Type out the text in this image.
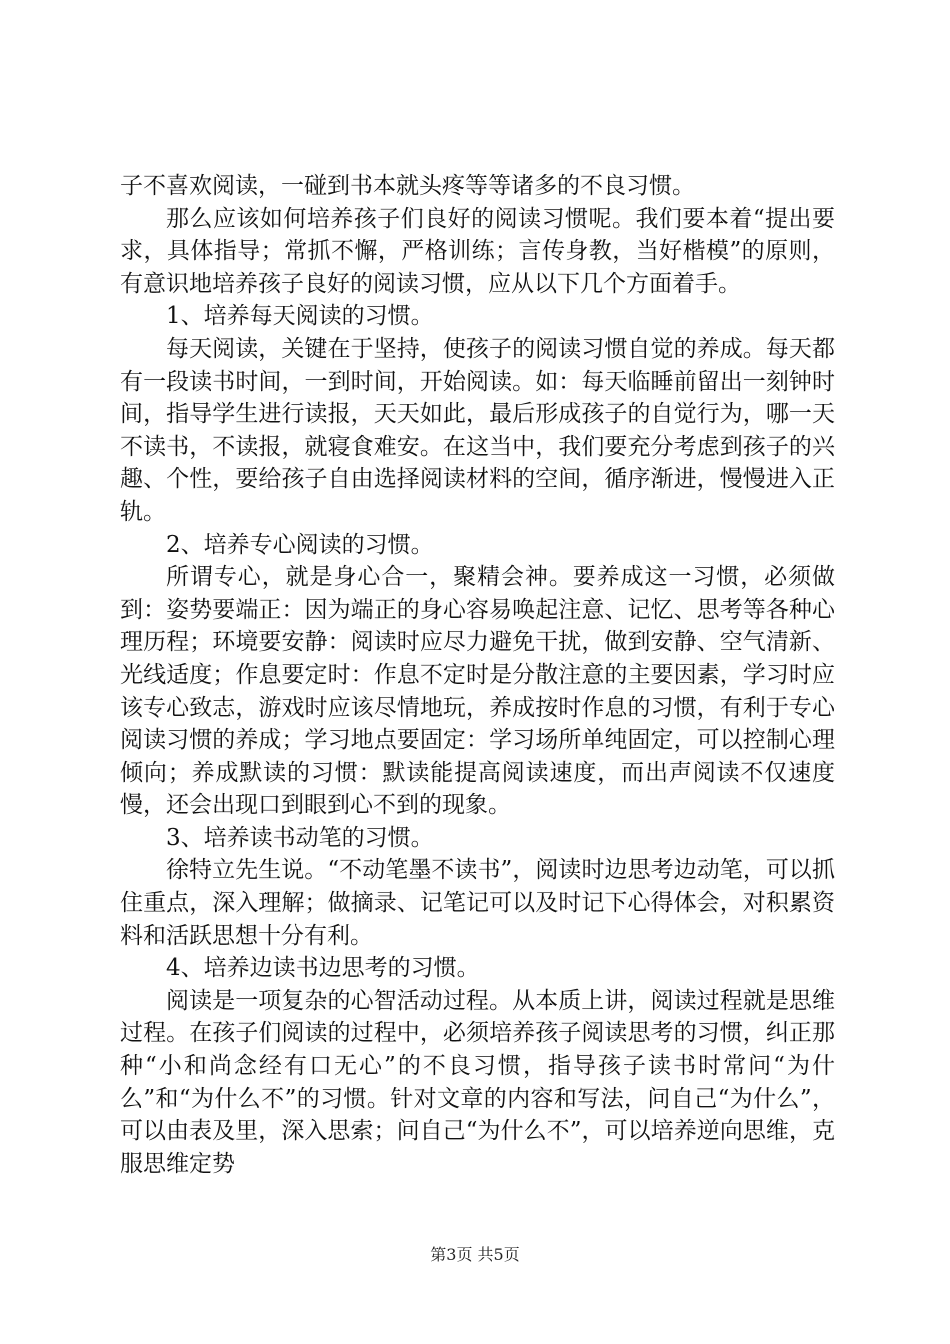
子不喜欢阅读，一碰到书本就头疼等等诸多的不良习惯。

那么应该如何培养孩子们良好的阅读习惯呢。我们要本着“提出要求，具体指导；常抓不懈，严格训练；言传身教，当好楷模”的原则，有意识地培养孩子良好的阅读习惯，应从以下几个方面着手。

1、培养每天阅读的习惯。

每天阅读，关键在于坚持，使孩子的阅读习惯自觉的养成。每天都有一段读书时间，一到时间，开始阅读。如：每天临睡前留出一刻钟时间，指导学生进行读报，天天如此，最后形成孩子的自觉行为，哪一天不读书，不读报，就寝食难安。在这当中，我们要充分考虑到孩子的兴趣、个性，要给孩子自由选择阅读材料的空间，循序渐进，慢慢进入正轨。

2、培养专心阅读的习惯。

所谓专心，就是身心合一，聚精会神。要养成这一习惯，必须做到：姿势要端正：因为端正的身心容易唤起注意、记忆、思考等各种心理历程；环境要安静：阅读时应尽力避免干扰，做到安静、空气清新、光线适度；作息要定时：作息不定时是分散注意的主要因素，学习时应该专心致志，游戏时应该尽情地玩，养成按时作息的习惯，有利于专心阅读习惯的养成；学习地点要固定：学习场所单纯固定，可以控制心理倾向；养成默读的习惯：默读能提高阅读速度，而出声阅读不仅速度慢，还会出现口到眼到心不到的现象。

3、培养读书动笔的习惯。

徐特立先生说。“不动笔墨不读书”，阅读时边思考边动笔，可以抓住重点，深入理解；做摘录、记笔记可以及时记下心得体会，对积累资料和活跃思想十分有利。

4、培养边读书边思考的习惯。

阅读是一项复杂的心智活动过程。从本质上讲，阅读过程就是思维过程。在孩子们阅读的过程中，必须培养孩子阅读思考的习惯，纠正那种“小和尚念经有口无心”的不良习惯，指导孩子读书时常问“为什么”和“为什么不”的习惯。针对文章的内容和写法，问自己“为什么”，可以由表及里，深入思索；问自己“为什么不”，可以培养逆向思维，克服思维定势

第3页 共5页
